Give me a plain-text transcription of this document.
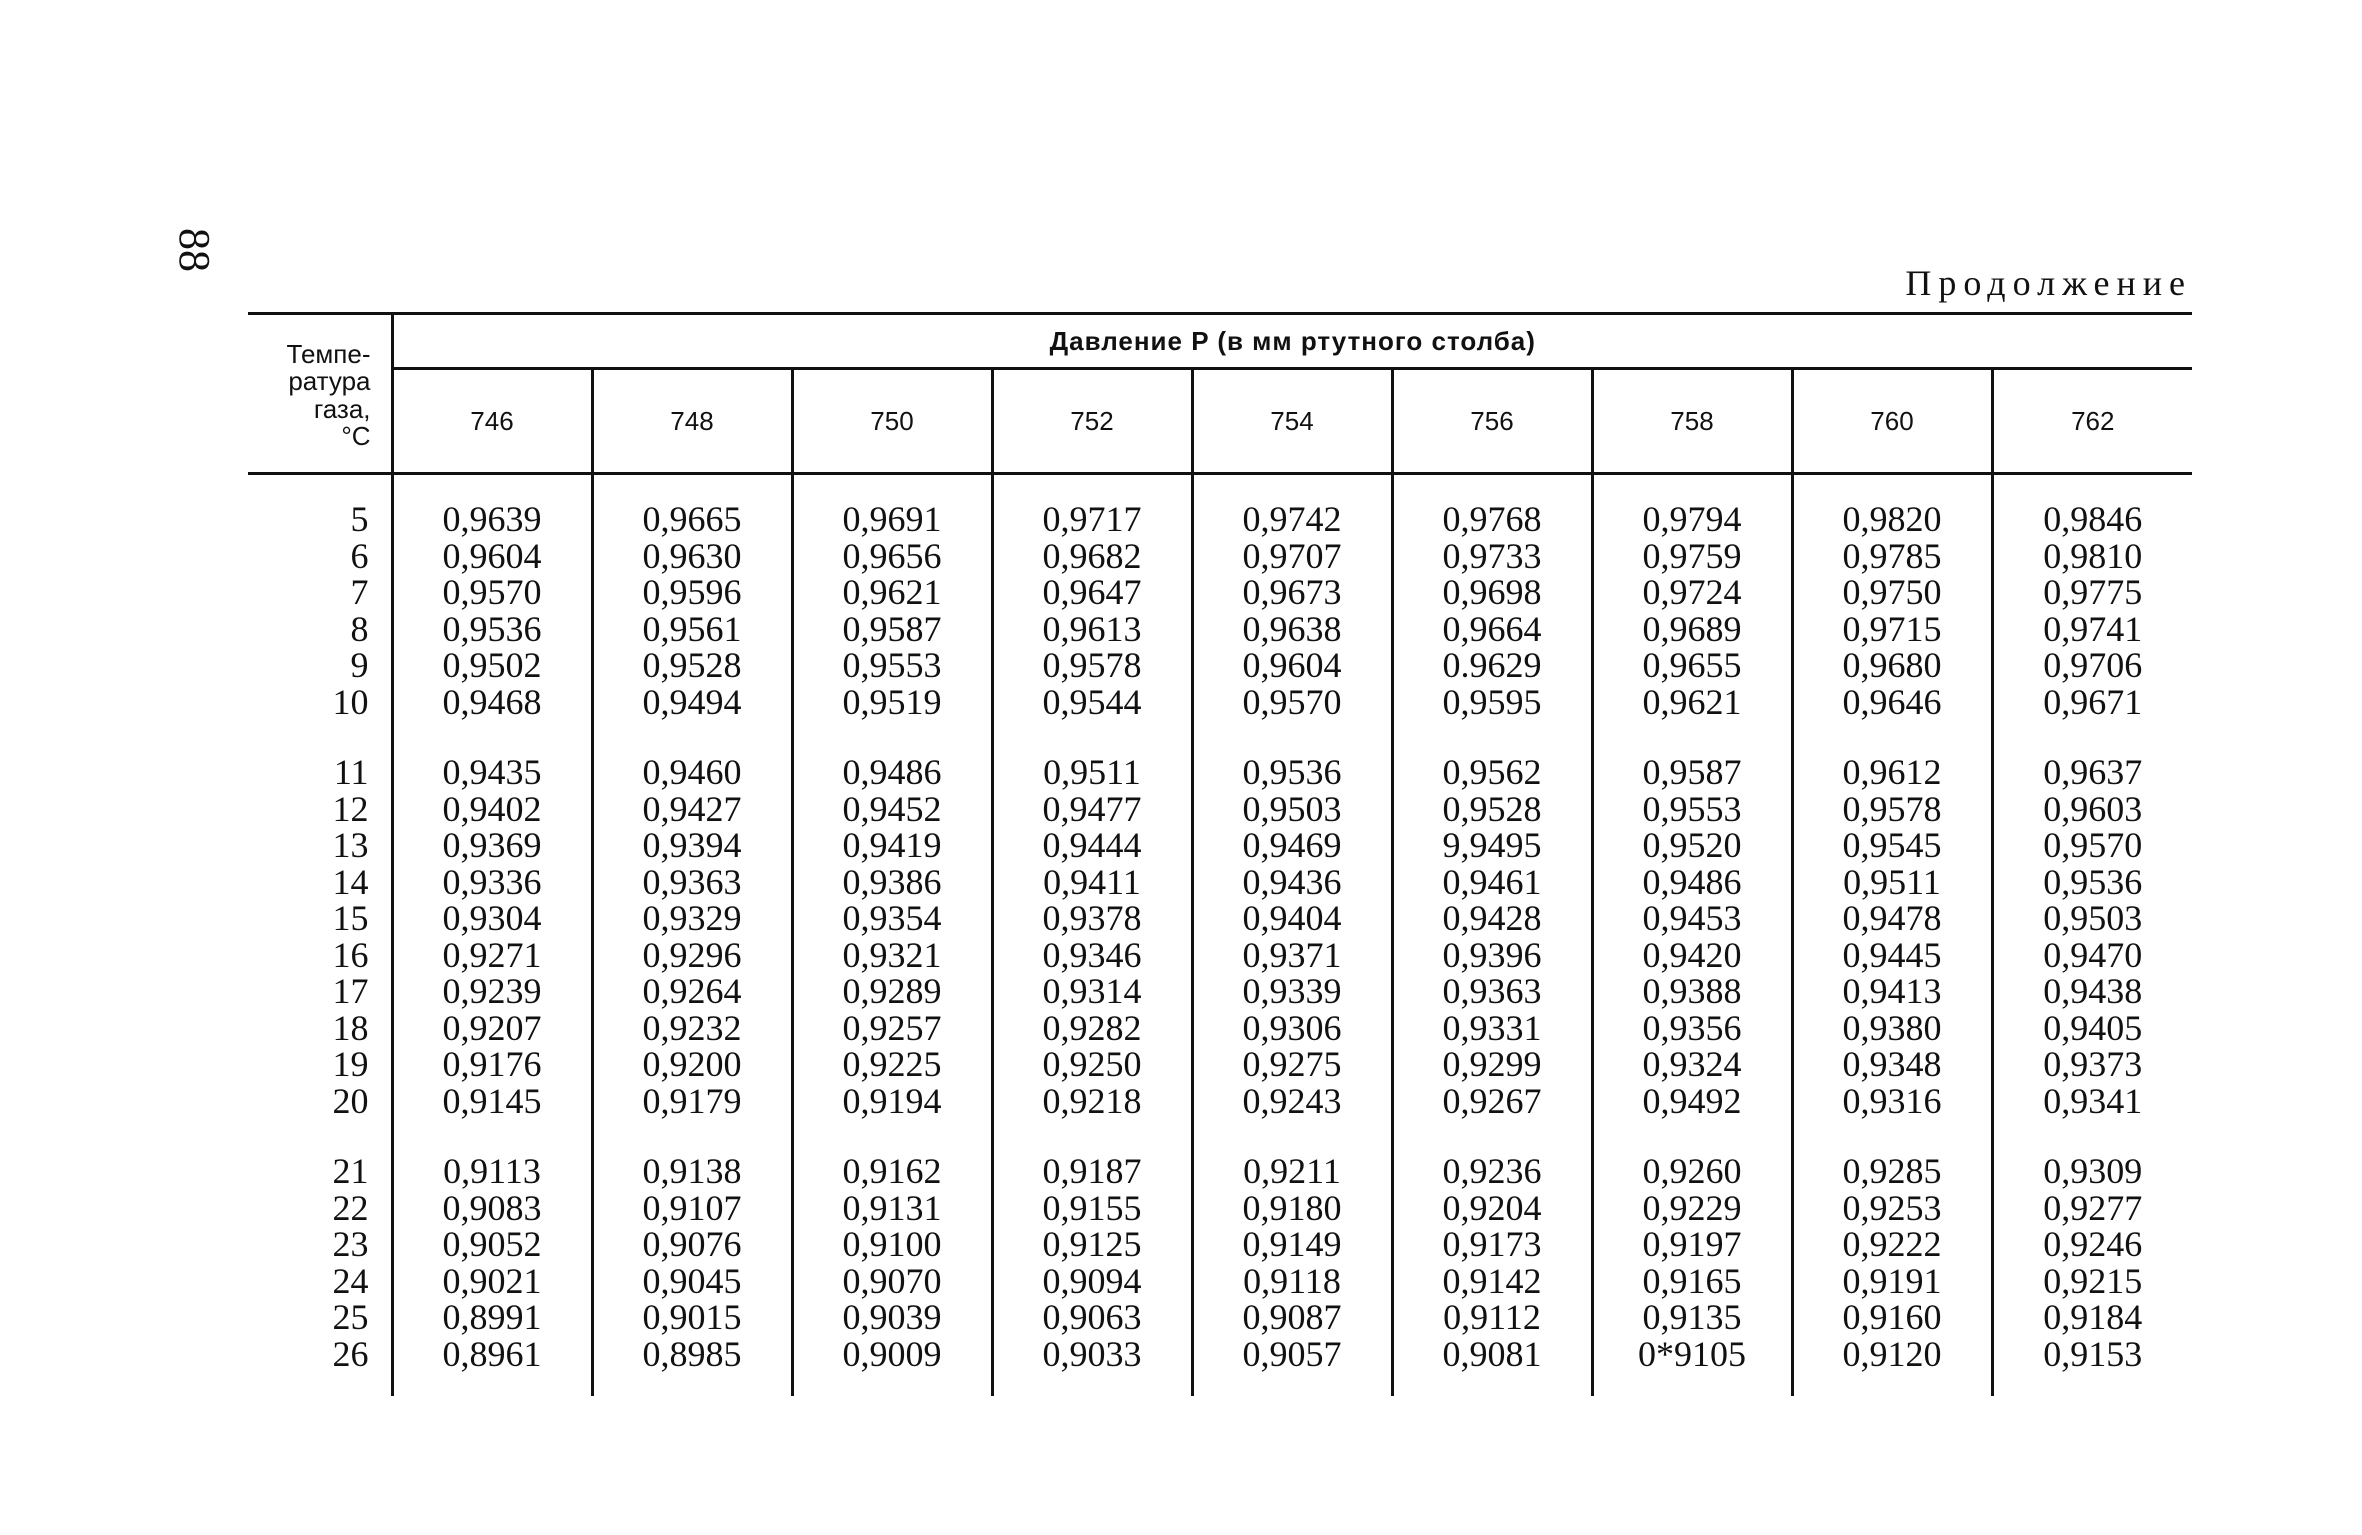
88
Продолжение
Темпе-
ратура
газа,
°С	Давление P (в мм ртутного столба)								
	746	748	750	752	754	756	758	760	762

5	0,9639	0,9665	0,9691	0,9717	0,9742	0,9768	0,9794	0,9820	0,9846
6	0,9604	0,9630	0,9656	0,9682	0,9707	0,9733	0,9759	0,9785	0,9810
7	0,9570	0,9596	0,9621	0,9647	0,9673	0,9698	0,9724	0,9750	0,9775
8	0,9536	0,9561	0,9587	0,9613	0,9638	0,9664	0,9689	0,9715	0,9741
9	0,9502	0,9528	0,9553	0,9578	0,9604	0.9629	0,9655	0,9680	0,9706
10	0,9468	0,9494	0,9519	0,9544	0,9570	0,9595	0,9621	0,9646	0,9671

11	0,9435	0,9460	0,9486	0,9511	0,9536	0,9562	0,9587	0,9612	0,9637
12	0,9402	0,9427	0,9452	0,9477	0,9503	0,9528	0,9553	0,9578	0,9603
13	0,9369	0,9394	0,9419	0,9444	0,9469	9,9495	0,9520	0,9545	0,9570
14	0,9336	0,9363	0,9386	0,9411	0,9436	0,9461	0,9486	0,9511	0,9536
15	0,9304	0,9329	0,9354	0,9378	0,9404	0,9428	0,9453	0,9478	0,9503
16	0,9271	0,9296	0,9321	0,9346	0,9371	0,9396	0,9420	0,9445	0,9470
17	0,9239	0,9264	0,9289	0,9314	0,9339	0,9363	0,9388	0,9413	0,9438
18	0,9207	0,9232	0,9257	0,9282	0,9306	0,9331	0,9356	0,9380	0,9405
19	0,9176	0,9200	0,9225	0,9250	0,9275	0,9299	0,9324	0,9348	0,9373
20	0,9145	0,9179	0,9194	0,9218	0,9243	0,9267	0,9492	0,9316	0,9341

21	0,9113	0,9138	0,9162	0,9187	0,9211	0,9236	0,9260	0,9285	0,9309
22	0,9083	0,9107	0,9131	0,9155	0,9180	0,9204	0,9229	0,9253	0,9277
23	0,9052	0,9076	0,9100	0,9125	0,9149	0,9173	0,9197	0,9222	0,9246
24	0,9021	0,9045	0,9070	0,9094	0,9118	0,9142	0,9165	0,9191	0,9215
25	0,8991	0,9015	0,9039	0,9063	0,9087	0,9112	0,9135	0,9160	0,9184
26	0,8961	0,8985	0,9009	0,9033	0,9057	0,9081	0*9105	0,9120	0,9153
